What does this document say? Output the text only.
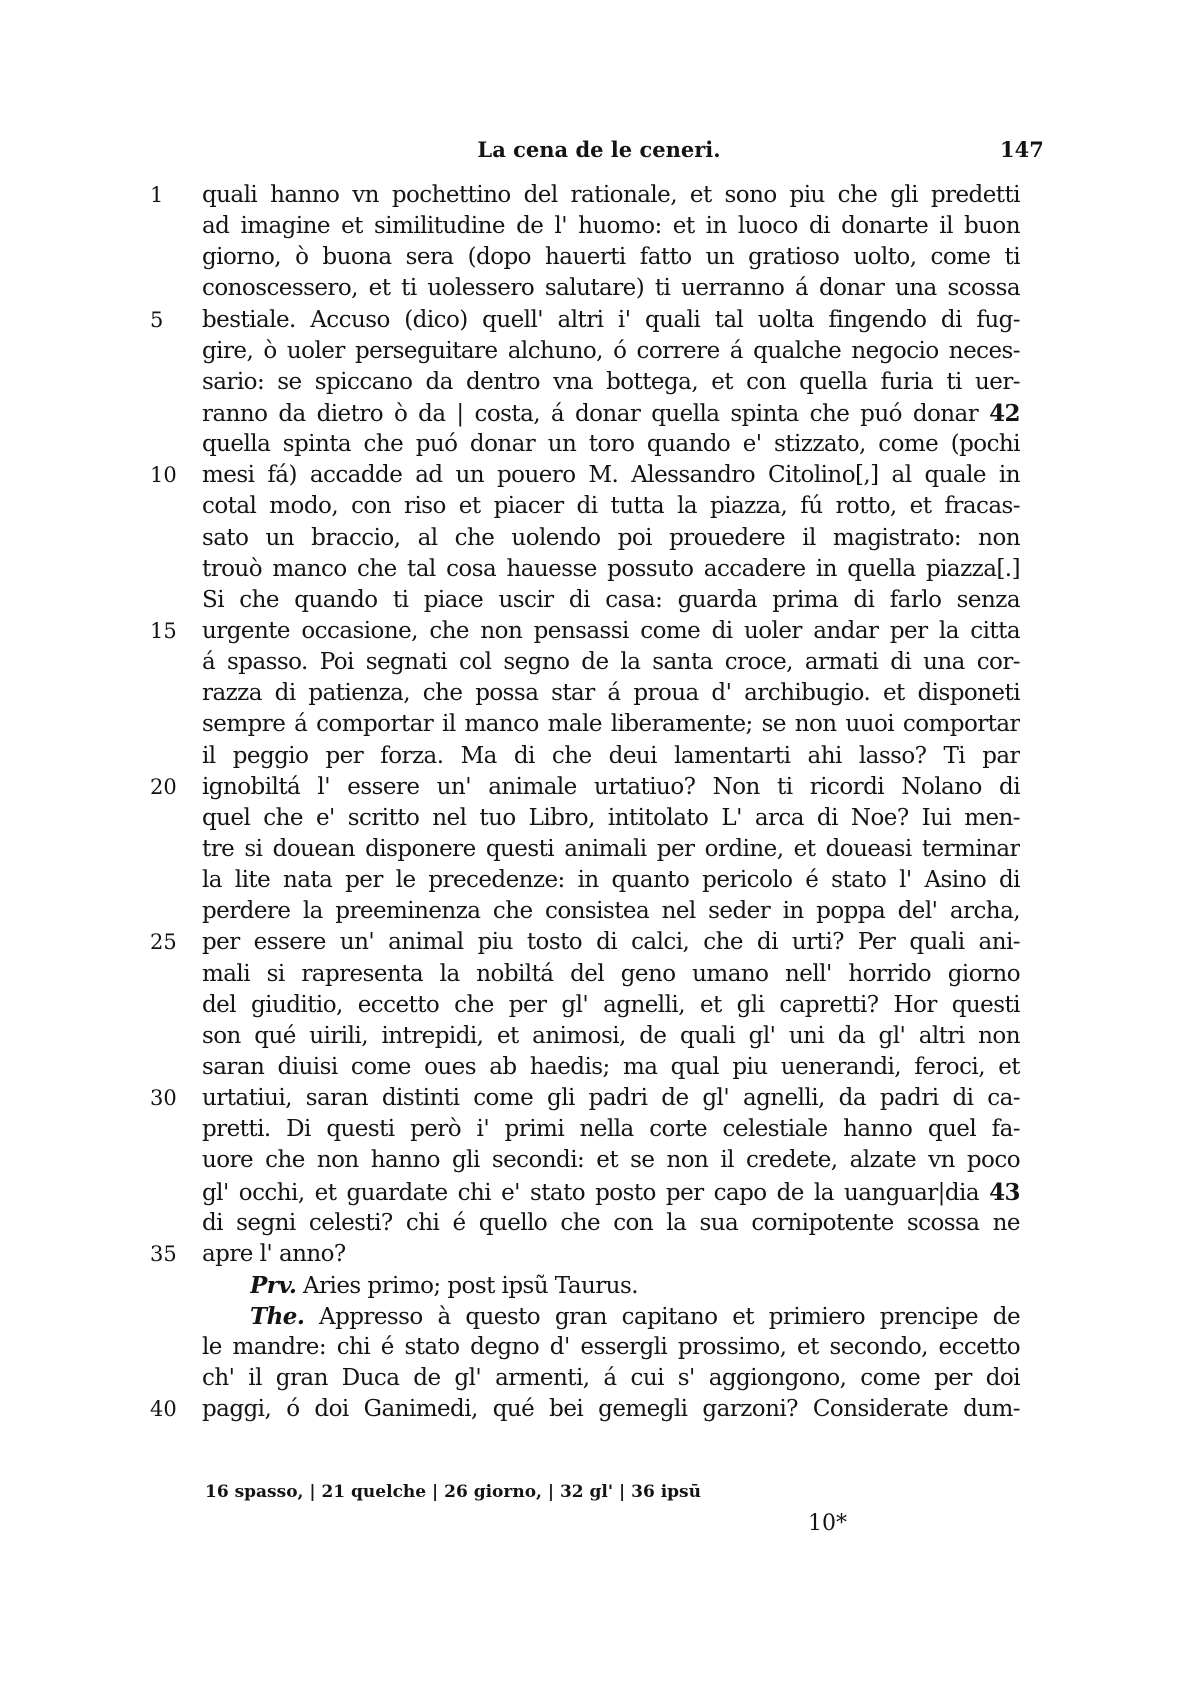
La cena de le ceneri.	147
1	quali hanno vn pochettino del rationale, et sono piu che gli predetti
ad imagine et similitudine de l' huomo: et in luoco di donarte il buon
giorno, ò buona sera (dopo hauerti fatto un gratioso uolto, come ti
conoscessero, et ti uolessero salutare) ti uerranno á donar una scossa
5	bestiale. Accuso (dico) quell' altri i' quali tal uolta fingendo di fug-
gire, ò uoler perseguitare alchuno, ó correre á qualche negocio neces-
sario: se spiccano da dentro vna bottega, et con quella furia ti uer-
ranno da dietro ò da | costa, á donar quella spinta che puó donar 42
quella spinta che puó donar un toro quando e' stizzato, come (pochi
10	mesi fá) accadde ad un pouero M. Alessandro Citolino[,] al quale in
cotal modo, con riso et piacer di tutta la piazza, fú rotto, et fracas-
sato un braccio, al che uolendo poi prouedere il magistrato: non
trouò manco che tal cosa hauesse possuto accadere in quella piazza[.]
Si che quando ti piace uscir di casa: guarda prima di farlo senza
15	urgente occasione, che non pensassi come di uoler andar per la citta
á spasso. Poi segnati col segno de la santa croce, armati di una cor-
razza di patienza, che possa star á proua d' archibugio. et disponeti
sempre á comportar il manco male liberamente; se non uuoi comportar
il peggio per forza. Ma di che deui lamentarti ahi lasso? Ti par
20	ignobiltá l' essere un' animale urtatiuo? Non ti ricordi Nolano di
quel che e' scritto nel tuo Libro, intitolato L' arca di Noe? Iui men-
tre si douean disponere questi animali per ordine, et doueasi terminar
la lite nata per le precedenze: in quanto pericolo é stato l' Asino di
perdere la preeminenza che consistea nel seder in poppa del' archa,
25	per essere un' animal piu tosto di calci, che di urti? Per quali ani-
mali si rapresenta la nobiltá del geno umano nell' horrido giorno
del giuditio, eccetto che per gl' agnelli, et gli capretti? Hor questi
son qué uirili, intrepidi, et animosi, de quali gl' uni da gl' altri non
saran diuisi come oues ab haedis; ma qual piu uenerandi, feroci, et
30	urtatiui, saran distinti come gli padri de gl' agnelli, da padri di ca-
pretti. Di questi però i' primi nella corte celestiale hanno quel fa-
uore che non hanno gli secondi: et se non il credete, alzate vn poco
gl' occhi, et guardate chi e' stato posto per capo de la uanguar|dia 43
di segni celesti? chi é quello che con la sua cornipotente scossa ne
35	apre l' anno?
Prv. Aries primo; post ipsũ Taurus.
The. Appresso à questo gran capitano et primiero prencipe de
le mandre: chi é stato degno d' essergli prossimo, et secondo, eccetto
ch' il gran Duca de gl' armenti, á cui s' aggiongono, come per doi
40	paggi, ó doi Ganimedi, qué bei gemegli garzoni? Considerate dum-
16 spasso, | 21 quelche | 26 giorno, | 32 gl' | 36 ipsū
10*
